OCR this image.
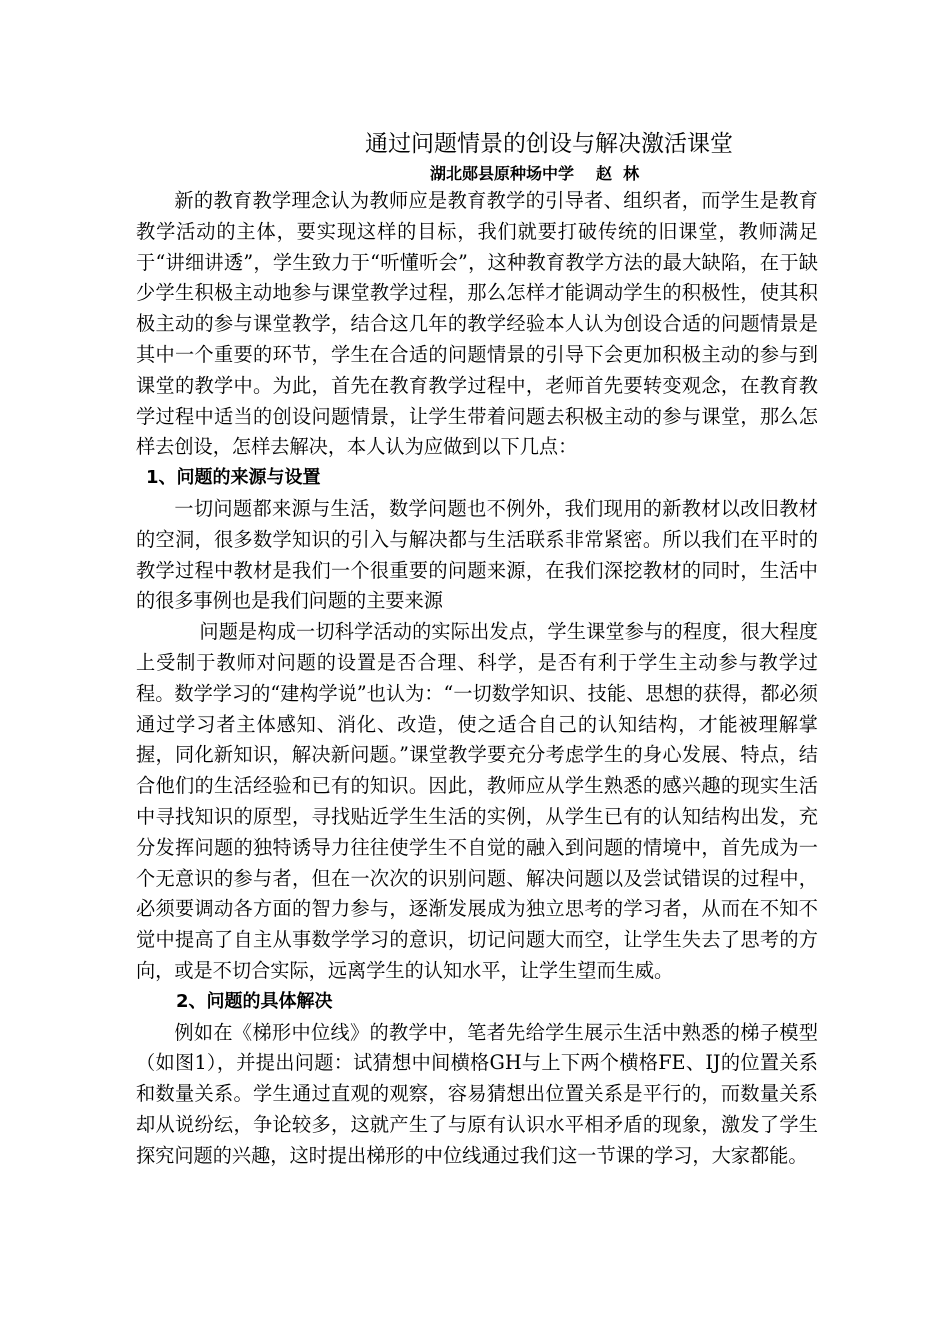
通过问题情景的创设与解决激活课堂
湖北郧县原种场中学 赵  林

新的教育教学理念认为教师应是教育教学的引导者、组织者，而学生是教育教学活动的主体，要实现这样的目标，我们就要打破传统的旧课堂，教师满足于“讲细讲透”，学生致力于“听懂听会”，这种教育教学方法的最大缺陷，在于缺少学生积极主动地参与课堂教学过程，那么怎样才能调动学生的积极性，使其积极主动的参与课堂教学，结合这几年的教学经验本人认为创设合适的问题情景是其中一个重要的环节，学生在合适的问题情景的引导下会更加积极主动的参与到课堂的教学中。为此，首先在教育教学过程中，老师首先要转变观念，在教育教学过程中适当的创设问题情景，让学生带着问题去积极主动的参与课堂，那么怎样去创设，怎样去解决，本人认为应做到以下几点：

1、问题的来源与设置

一切问题都来源与生活，数学问题也不例外，我们现用的新教材以改旧教材的空洞，很多数学知识的引入与解决都与生活联系非常紧密。所以我们在平时的教学过程中教材是我们一个很重要的问题来源，在我们深挖教材的同时，生活中的很多事例也是我们问题的主要来源

问题是构成一切科学活动的实际出发点，学生课堂参与的程度，很大程度上受制于教师对问题的设置是否合理、科学，是否有利于学生主动参与教学过程。数学学习的“建构学说”也认为：“一切数学知识、技能、思想的获得，都必须通过学习者主体感知、消化、改造，使之适合自己的认知结构，才能被理解掌握，同化新知识，解决新问题。”课堂教学要充分考虑学生的身心发展、特点，结合他们的生活经验和已有的知识。因此，教师应从学生熟悉的感兴趣的现实生活中寻找知识的原型，寻找贴近学生生活的实例，从学生已有的认知结构出发，充分发挥问题的独特诱导力往往使学生不自觉的融入到问题的情境中，首先成为一个无意识的参与者，但在一次次的识别问题、解决问题以及尝试错误的过程中，必须要调动各方面的智力参与，逐渐发展成为独立思考的学习者，从而在不知不觉中提高了自主从事数学学习的意识，切记问题大而空，让学生失去了思考的方向，或是不切合实际，远离学生的认知水平，让学生望而生威。

2、问题的具体解决

例如在《梯形中位线》的教学中，笔者先给学生展示生活中熟悉的梯子模型（如图1），并提出问题：试猜想中间横格GH与上下两个横格FE、IJ的位置关系和数量关系。学生通过直观的观察，容易猜想出位置关系是平行的，而数量关系却从说纷纭，争论较多，这就产生了与原有认识水平相矛盾的现象，激发了学生探究问题的兴趣，这时提出梯形的中位线通过我们这一节课的学习，大家都能。
